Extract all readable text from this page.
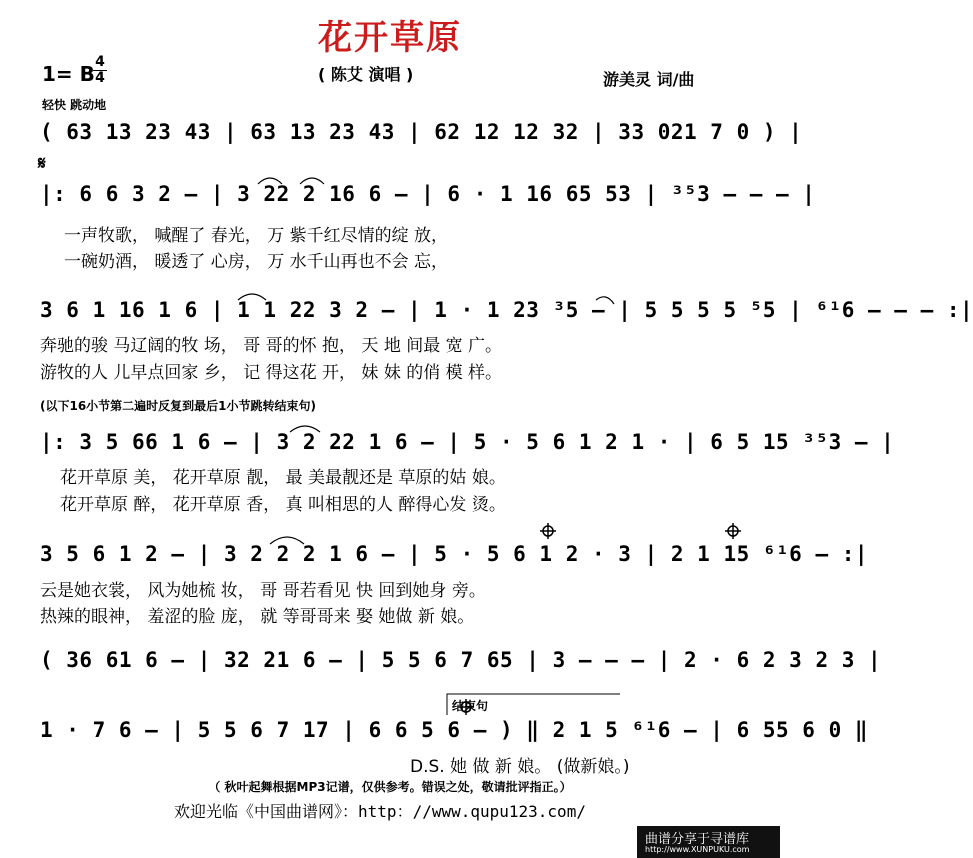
花开草原
1= B 4
4	( 陈艾 演唱 )	游美灵 词/曲
轻快 跳动地
( 63 13 23 43 | 63 13 23 43 | 62 12 12 32 | 33 021 7 0 ) |
𝄋
|: 6 6 3 2 – | 3 22 2 16 6 – | 6 · 1 16 65 53 | ³⁵3 – – – |
一声牧歌， 喊醒了 春光， 万 紫千红尽情的绽 放，
一碗奶酒， 暖透了 心房， 万 水千山再也不会 忘，
3 6 1 16 1 6 | 1 1 22 3 2 – | 1 · 1 23 ³5 – | 5 5 5 5 ⁵5 | ⁶¹6 – – – :|
奔驰的骏 马辽阔的牧 场， 哥 哥的怀 抱， 天 地 间最 宽 广。
游牧的人 儿早点回家 乡， 记 得这花 开， 妹 妹 的俏 模 样。
(以下16小节第二遍时反复到最后1小节跳转结束句)
|: 3 5 66 1 6 – | 3 2 22 1 6 – | 5 · 5 6 1 2 1 · | 6 5 15 ³⁵3 – |
花开草原 美， 花开草原 靓， 最 美最靓还是 草原的姑 娘。
花开草原 醉， 花开草原 香， 真 叫相思的人 醉得心发 烫。
3 5 6 1 2 – | 3 2 2 2 1 6 – | 5 · 5 6 1 2 · 3 | 2 1 15 ⁶¹6 – :|
云是她衣裳， 风为她梳 妆， 哥 哥若看见 快 回到她身 旁。
热辣的眼神， 羞涩的脸 庞， 就 等哥哥来 娶 她做 新 娘。
( 36 61 6 – | 32 21 6 – | 5 5 6 7 65 | 3 – – – | 2 · 6 2 3 2 3 |
结束句
1 · 7 6 – | 5 5 6 7 17 | 6 6 5 6 – ) ‖ 2 1 5 ⁶¹6 – | 6 55 6 0 ‖
D.S. 她 做 新 娘。 (做新娘。)
（ 秋叶起舞根据MP3记谱，仅供参考。错误之处，敬请批评指正。）
欢迎光临《中国曲谱网》：http：//www.qupu123.com/
曲谱分享于寻谱库
http://www.XUNPUKU.com
